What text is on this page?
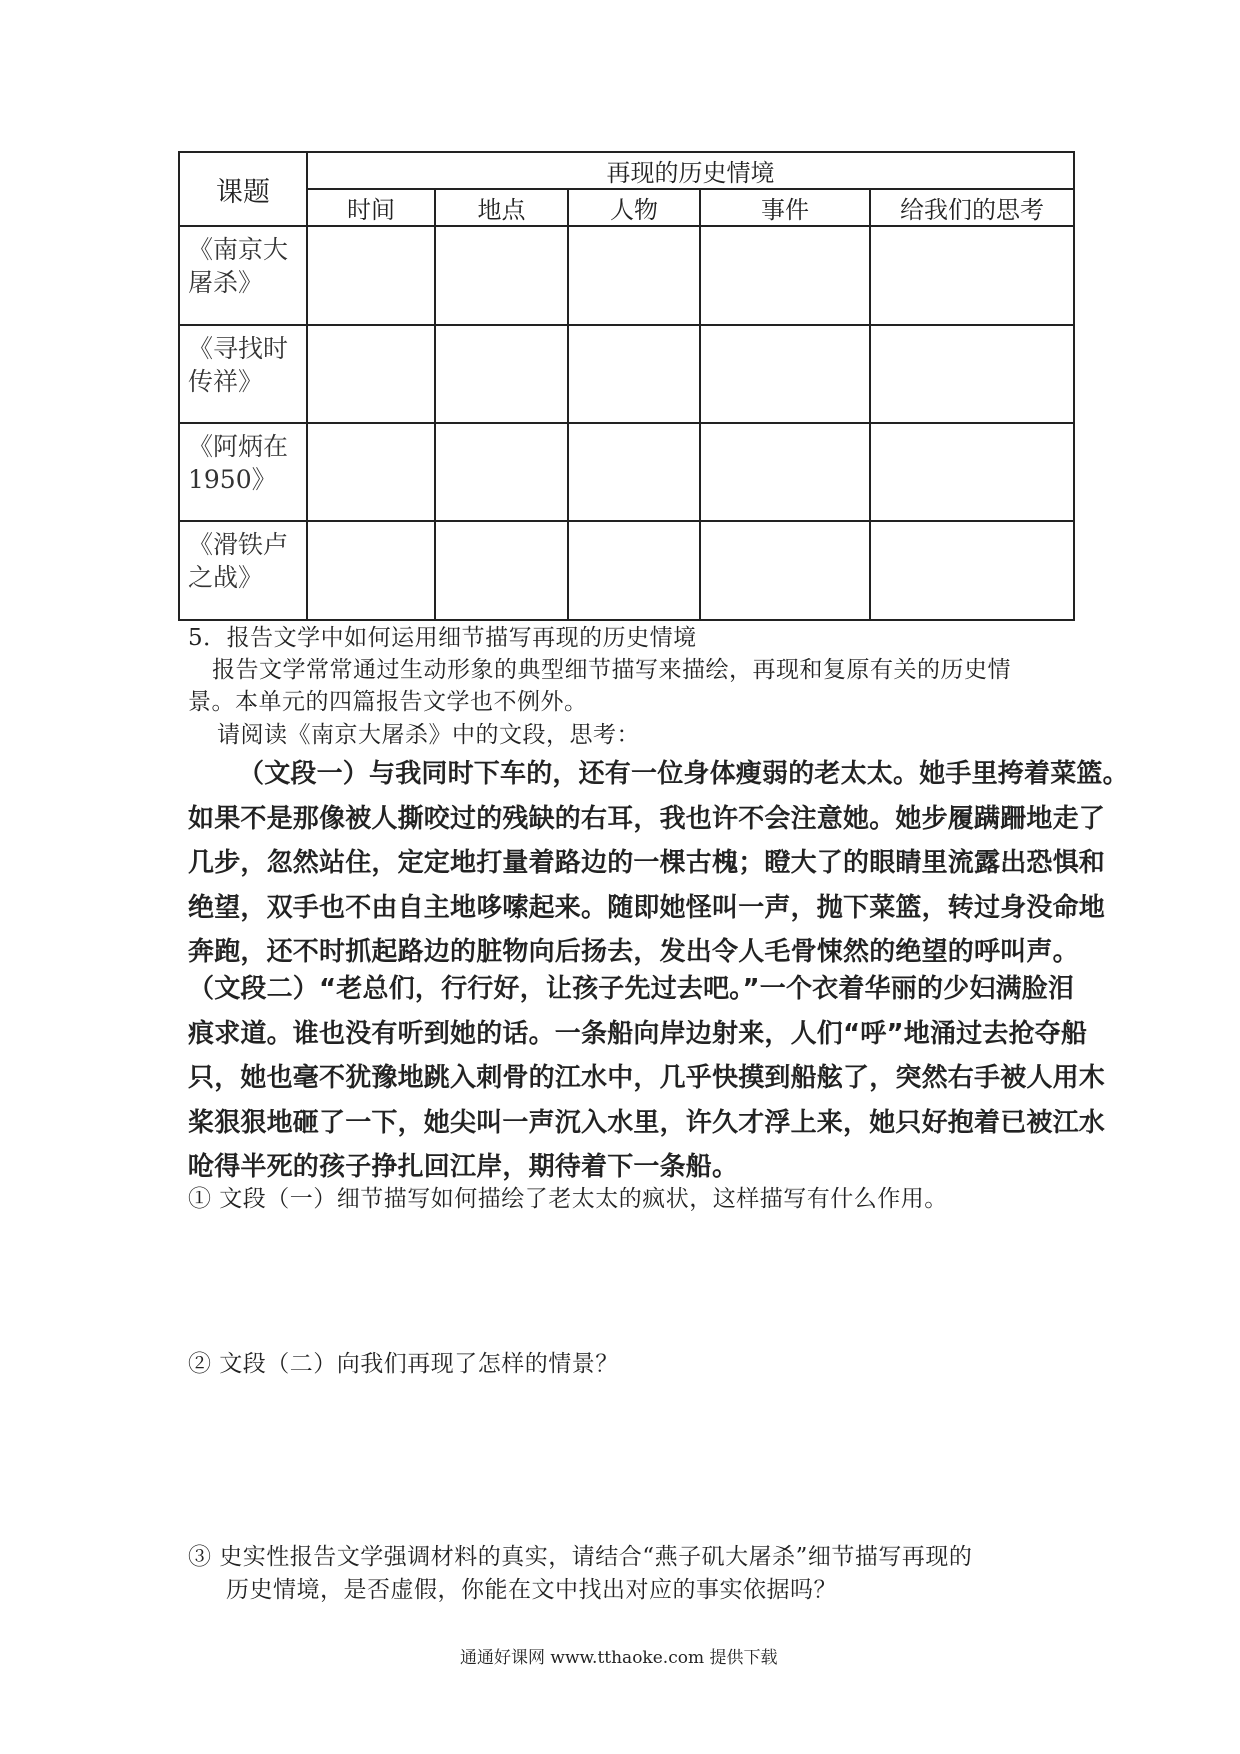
课题	再现的历史情境				
	时间	地点	人物	事件	给我们的思考
《南京大
屠杀》					
《寻找时
传祥》					
《阿炳在
1950》					
《滑铁卢
之战》					
5．报告文学中如何运用细节描写再现的历史情境
报告文学常常通过生动形象的典型细节描写来描绘，再现和复原有关的历史情
景。本单元的四篇报告文学也不例外。
请阅读《南京大屠杀》中的文段，思考：
（文段一）与我同时下车的，还有一位身体瘦弱的老太太。她手里挎着菜篮。
如果不是那像被人撕咬过的残缺的右耳，我也许不会注意她。她步履蹒跚地走了
几步，忽然站住，定定地打量着路边的一棵古槐；瞪大了的眼睛里流露出恐惧和
绝望，双手也不由自主地哆嗦起来。随即她怪叫一声，抛下菜篮，转过身没命地
奔跑，还不时抓起路边的脏物向后扬去，发出令人毛骨悚然的绝望的呼叫声。
（文段二）“老总们，行行好，让孩子先过去吧。”一个衣着华丽的少妇满脸泪
痕求道。谁也没有听到她的话。一条船向岸边射来，人们“呼”地涌过去抢夺船
只，她也毫不犹豫地跳入刺骨的江水中，几乎快摸到船舷了，突然右手被人用木
桨狠狠地砸了一下，她尖叫一声沉入水里，许久才浮上来，她只好抱着已被江水
呛得半死的孩子挣扎回江岸，期待着下一条船。
① 文段（一）细节描写如何描绘了老太太的疯状，这样描写有什么作用。
② 文段（二）向我们再现了怎样的情景？
③ 史实性报告文学强调材料的真实，请结合“燕子矶大屠杀”细节描写再现的
历史情境，是否虚假，你能在文中找出对应的事实依据吗？
通通好课网 www.tthaoke.com 提供下载
